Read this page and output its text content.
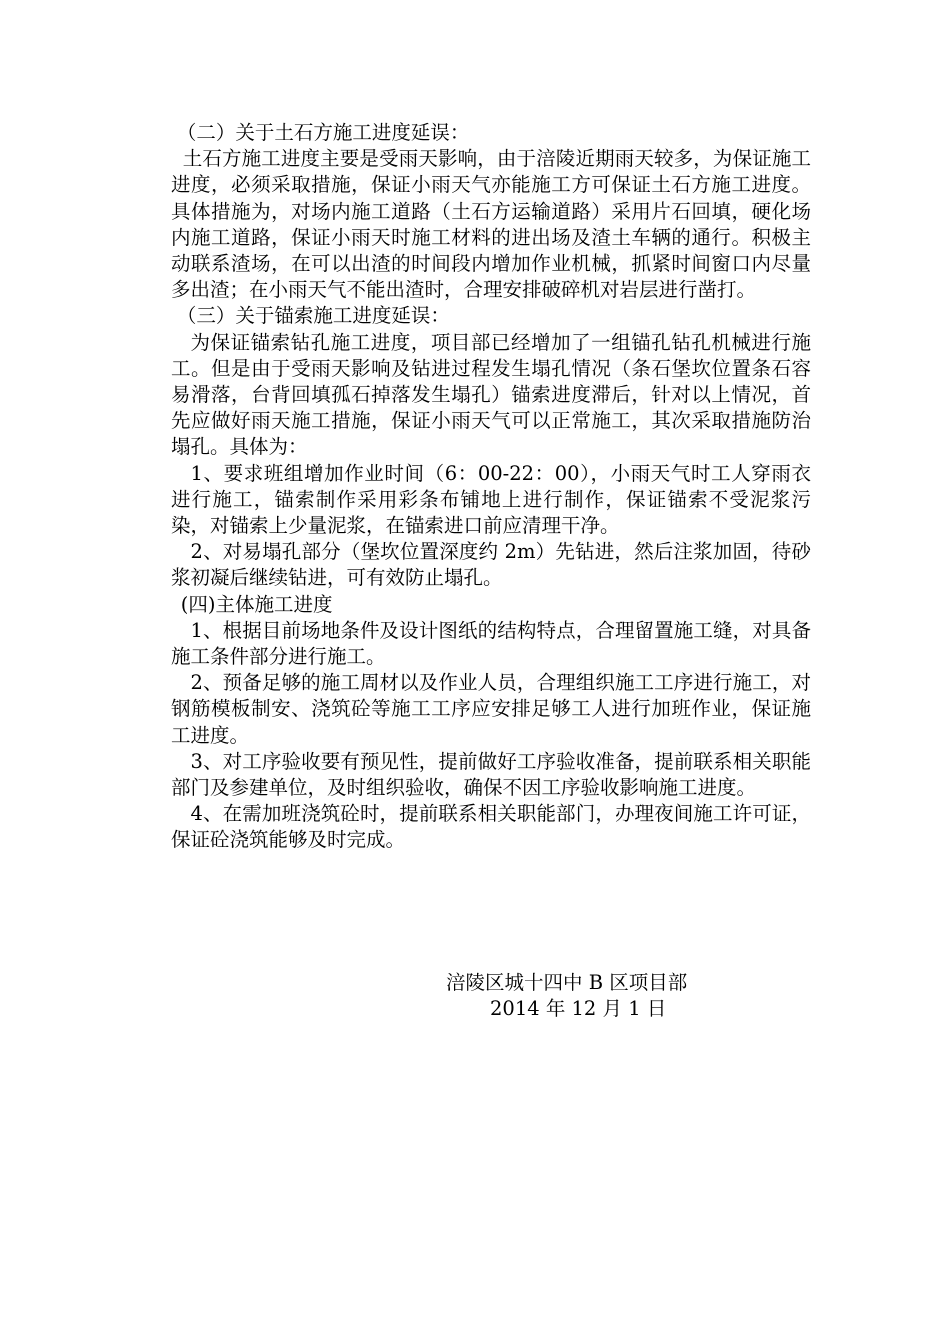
（二）关于土石方施工进度延误：

土石方施工进度主要是受雨天影响，由于涪陵近期雨天较多，为保证施工进度，必须采取措施，保证小雨天气亦能施工方可保证土石方施工进度。具体措施为，对场内施工道路（土石方运输道路）采用片石回填，硬化场内施工道路，保证小雨天时施工材料的进出场及渣土车辆的通行。积极主动联系渣场，在可以出渣的时间段内增加作业机械，抓紧时间窗口内尽量多出渣；在小雨天气不能出渣时，合理安排破碎机对岩层进行凿打。

（三）关于锚索施工进度延误：

为保证锚索钻孔施工进度，项目部已经增加了一组锚孔钻孔机械进行施工。但是由于受雨天影响及钻进过程发生塌孔情况（条石堡坎位置条石容易滑落，台背回填孤石掉落发生塌孔）锚索进度滞后，针对以上情况，首先应做好雨天施工措施，保证小雨天气可以正常施工，其次采取措施防治塌孔。具体为：

1、要求班组增加作业时间（6：00-22：00），小雨天气时工人穿雨衣进行施工，锚索制作采用彩条布铺地上进行制作，保证锚索不受泥浆污染，对锚索上少量泥浆，在锚索进口前应清理干净。

2、对易塌孔部分（堡坎位置深度约 2m）先钻进，然后注浆加固，待砂浆初凝后继续钻进，可有效防止塌孔。

(四)主体施工进度

1、根据目前场地条件及设计图纸的结构特点，合理留置施工缝，对具备施工条件部分进行施工。

2、预备足够的施工周材以及作业人员，合理组织施工工序进行施工，对钢筋模板制安、浇筑砼等施工工序应安排足够工人进行加班作业，保证施工进度。

3、对工序验收要有预见性，提前做好工序验收准备，提前联系相关职能部门及参建单位，及时组织验收，确保不因工序验收影响施工进度。

4、在需加班浇筑砼时，提前联系相关职能部门，办理夜间施工许可证，保证砼浇筑能够及时完成。

涪陵区城十四中 B 区项目部

2014 年 12 月 1 日
